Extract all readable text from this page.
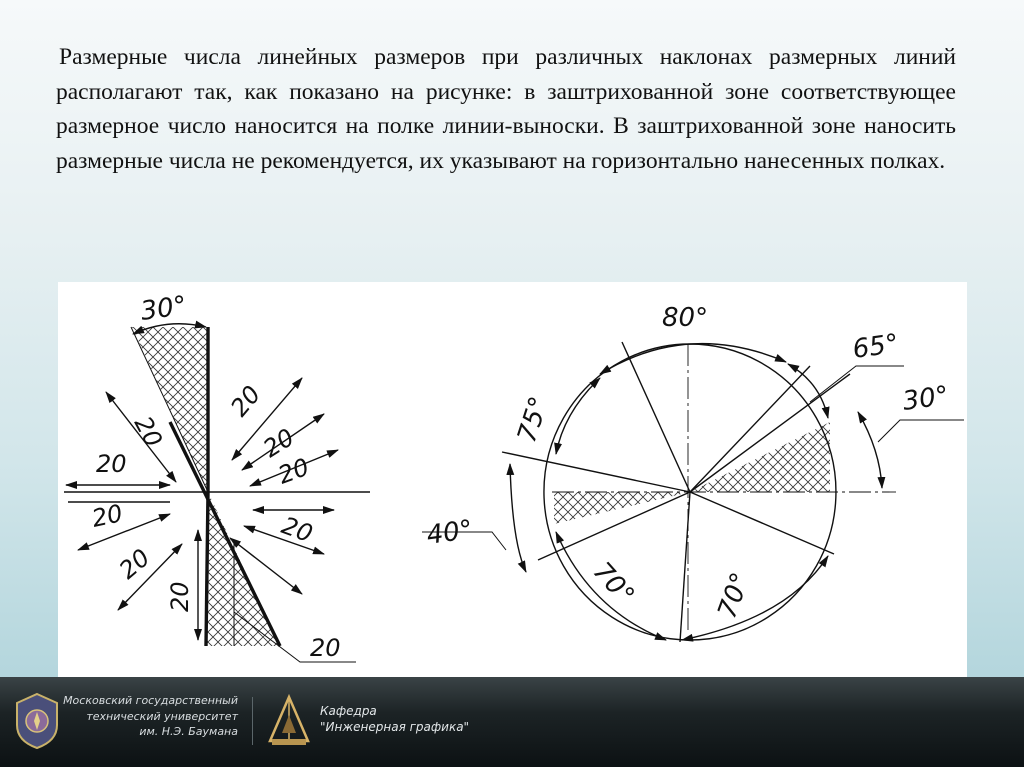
Размерные числа линейных размеров при различных наклонах размерных линий располагают так, как показано на рисунке: в заштрихованной зоне соответствующее размерное число наносится на полке линии-выноски. В заштрихованной зоне наносить размерные числа не рекомендуется, их указывают на горизонтально нанесенных полках.

30°
20
20
20
20
20
20
20
20
20
20
80°
65°
30°
75°
40°
70°	70°

Московский государственный
технический университет
им. Н.Э. Баумана

Кафедра
"Инженерная графика"
